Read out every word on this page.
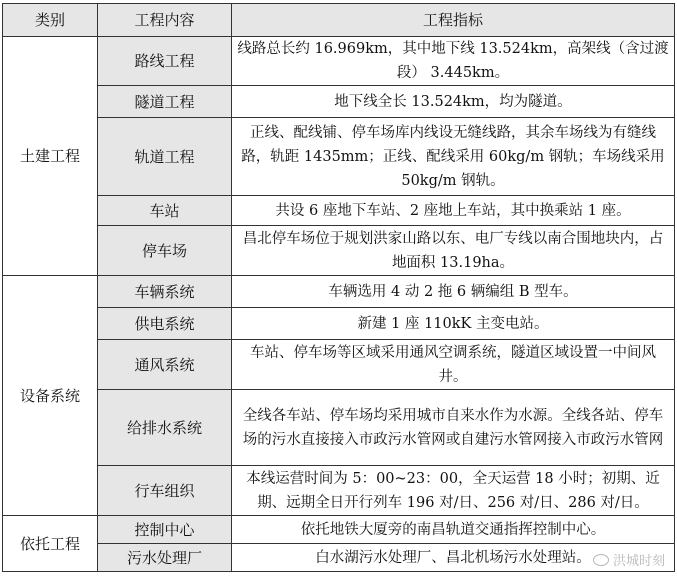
类别	工程内容	工程指标
土建工程	路线工程	线路总长约 16.969km，其中地下线 13.524km，高架线（含过渡段） 3.445km。
	隧道工程	地下线全长 13.524km，均为隧道。
	轨道工程	正线、配线铺、停车场库内线设无缝线路，其余车场线为有缝线路，轨距 1435mm；正线、配线采用 60kg/m 钢轨；车场线采用 50kg/m 钢轨。
	车站	共设 6 座地下车站、2 座地上车站，其中换乘站 1 座。
	停车场	昌北停车场位于规划洪家山路以东、电厂专线以南合围地块内，占地面积 13.19ha。
设备系统	车辆系统	车辆选用 4 动 2 拖 6 辆编组 B 型车。
	供电系统	新建 1 座 110kK 主变电站。
	通风系统	车站、停车场等区域采用通风空调系统，隧道区域设置一中间风井。
	给排水系统	全线各车站、停车场均采用城市自来水作为水源。全线各站、停车场的污水直接接入市政污水管网或自建污水管网接入市政污水管网
	行车组织	本线运营时间为 5：00~23：00，全天运营 18 小时；初期、近期、远期全日开行列车 196 对/日、256 对/日、286 对/日。
依托工程	控制中心	依托地铁大厦旁的南昌轨道交通指挥控制中心。
	污水处理厂	白水湖污水处理厂、昌北机场污水处理站。 洪城时刻
